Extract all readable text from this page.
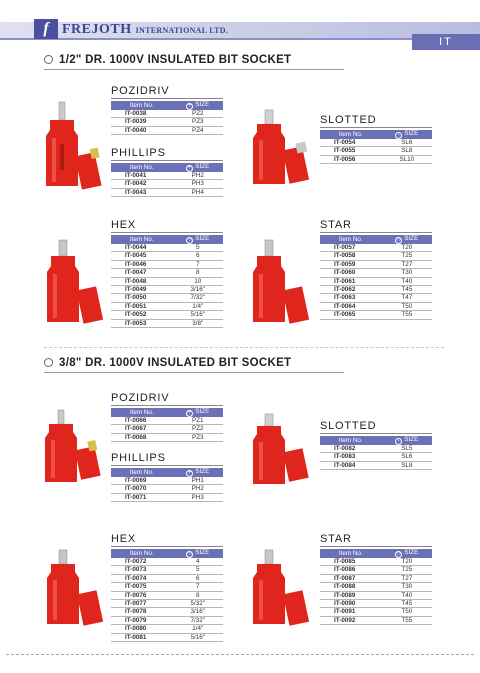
f FREJOTH INTERNATIONAL LTD.
IT
1/2" DR. 1000V INSULATED BIT SOCKET
3/8" DR. 1000V INSULATED BIT SOCKET
POZIDRIV
Item No.	+ SIZE
IT-0038	PZ2
IT-0039	PZ3
IT-0040	PZ4
PHILLIPS
Item No.	+ SIZE
IT-0041	PH2
IT-0042	PH3
IT-0043	PH4
SLOTTED
Item No.	- SIZE
IT-0054	SL6
IT-0055	SL8
IT-0056	SL10
HEX
Item No.	○ SIZE
IT-0044	5
IT-0045	6
IT-0046	7
IT-0047	8
IT-0048	10
IT-0049	3/16"
IT-0050	7/32"
IT-0051	1/4"
IT-0052	5/16"
IT-0053	3/8"
STAR
Item No.	○ SIZE
IT-0057	T20
IT-0058	T25
IT-0059	T27
IT-0060	T30
IT-0061	T40
IT-0062	T45
IT-0063	T47
IT-0064	T50
IT-0065	T55
POZIDRIV
Item No.	+ SIZE
IT-0066	PZ1
IT-0067	PZ2
IT-0068	PZ3
PHILLIPS
Item No.	+ SIZE
IT-0069	PH1
IT-0070	PH2
IT-0071	PH3
SLOTTED
Item No.	- SIZE
IT-0082	SL5
IT-0083	SL6
IT-0084	SL8
HEX
Item No.	○ SIZE
IT-0072	4
IT-0073	5
IT-0074	6
IT-0075	7
IT-0076	8
IT-0077	5/32"
IT-0078	3/16"
IT-0079	7/32"
IT-0080	1/4"
IT-0081	5/16"
STAR
Item No.	○ SIZE
IT-0085	T20
IT-0086	T25
IT-0087	T27
IT-0088	T30
IT-0089	T40
IT-0090	T45
IT-0091	T50
IT-0092	T55
